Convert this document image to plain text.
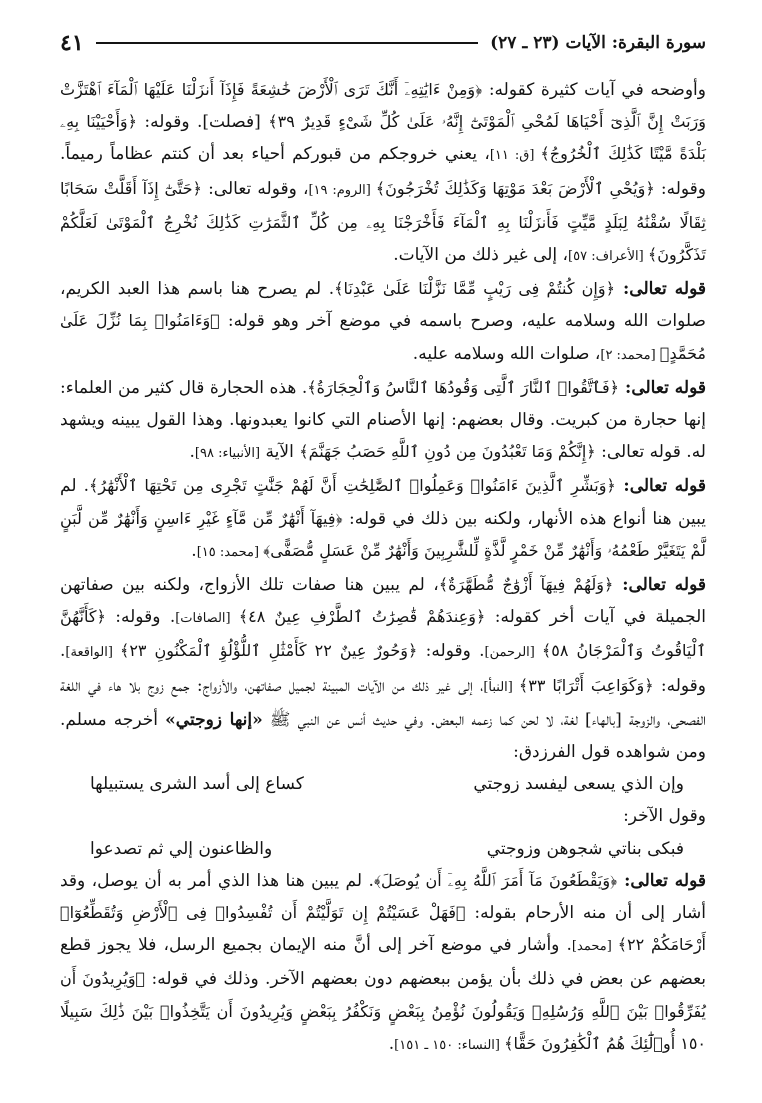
سورة البقرة: الآيات (٢٣ ـ ٢٧)
٤١

وأوضحه في آيات كثيرة كقوله: ﴿وَمِنْ ءَايَٰتِهِۦٓ أَنَّكَ تَرَى ٱلْأَرْضَ خَٰشِعَةً فَإِذَآ أَنزَلْنَا عَلَيْهَا ٱلْمَآءَ ٱهْتَزَّتْ وَرَبَتْ إِنَّ ٱلَّذِىٓ أَحْيَاهَا لَمُحْىِ ٱلْمَوْتَىٰٓ إِنَّهُۥ عَلَىٰ كُلِّ شَىْءٍ قَدِيرٌ ٣٩﴾ [فصلت]. وقوله: ﴿وَأَحْيَيْنَا بِهِۦ بَلْدَةً مَّيْتًا كَذَٰلِكَ ٱلْخُرُوجُ﴾ [ق: ١١]، يعني خروجكم من قبوركم أحياء بعد أن كنتم عظاماً رميماً. وقوله: ﴿وَيُحْىِ ٱلْأَرْضَ بَعْدَ مَوْتِهَا وَكَذَٰلِكَ تُخْرَجُونَ﴾ [الروم: ١٩]، وقوله تعالى: ﴿حَتَّىٰٓ إِذَآ أَقَلَّتْ سَحَابًا ثِقَالًا سُقْنَٰهُ لِبَلَدٍ مَّيِّتٍ فَأَنزَلْنَا بِهِ ٱلْمَآءَ فَأَخْرَجْنَا بِهِۦ مِن كُلِّ ٱلثَّمَرَٰتِ كَذَٰلِكَ نُخْرِجُ ٱلْمَوْتَىٰ لَعَلَّكُمْ تَذَكَّرُونَ﴾ [الأعراف: ٥٧]، إلى غير ذلك من الآيات.

قوله تعالى: ﴿وَإِن كُنتُمْ فِى رَيْبٍ مِّمَّا نَزَّلْنَا عَلَىٰ عَبْدِنَا﴾. لم يصرح هنا باسم هذا العبد الكريم، صلوات الله وسلامه عليه، وصرح باسمه في موضع آخر وهو قوله: ﴿وَءَامَنُوا۟ بِمَا نُزِّلَ عَلَىٰ مُحَمَّدٍ﴾ [محمد: ٢]، صلوات الله وسلامه عليه.

قوله تعالى: ﴿فَٱتَّقُوا۟ ٱلنَّارَ ٱلَّتِى وَقُودُهَا ٱلنَّاسُ وَٱلْحِجَارَةُ﴾. هذه الحجارة قال كثير من العلماء: إنها حجارة من كبريت. وقال بعضهم: إنها الأصنام التي كانوا يعبدونها. وهذا القول يبينه ويشهد له. قوله تعالى: ﴿إِنَّكُمْ وَمَا تَعْبُدُونَ مِن دُونِ ٱللَّهِ حَصَبُ جَهَنَّمَ﴾ الآية [الأنبياء: ٩٨].

قوله تعالى: ﴿وَبَشِّرِ ٱلَّذِينَ ءَامَنُوا۟ وَعَمِلُوا۟ ٱلصَّٰلِحَٰتِ أَنَّ لَهُمْ جَنَّٰتٍ تَجْرِى مِن تَحْتِهَا ٱلْأَنْهَٰرُ﴾. لم يبين هنا أنواع هذه الأنهار، ولكنه بين ذلك في قوله: ﴿فِيهَآ أَنْهَٰرٌ مِّن مَّآءٍ غَيْرِ ءَاسِنٍ وَأَنْهَٰرٌ مِّن لَّبَنٍ لَّمْ يَتَغَيَّرْ طَعْمُهُۥ وَأَنْهَٰرٌ مِّنْ خَمْرٍ لَّذَّةٍ لِّلشَّٰرِبِينَ وَأَنْهَٰرٌ مِّنْ عَسَلٍ مُّصَفًّى﴾ [محمد: ١٥].

قوله تعالى: ﴿وَلَهُمْ فِيهَآ أَزْوَٰجٌ مُّطَهَّرَةٌ﴾، لم يبين هنا صفات تلك الأزواج، ولكنه بين صفاتهن الجميلة في آيات أخر كقوله: ﴿وَعِندَهُمْ قَٰصِرَٰتُ ٱلطَّرْفِ عِينٌ ٤٨﴾ [الصافات]. وقوله: ﴿كَأَنَّهُنَّ ٱلْيَاقُوتُ وَٱلْمَرْجَانُ ٥٨﴾ [الرحمن]. وقوله: ﴿وَحُورٌ عِينٌ ٢٢ كَأَمْثَٰلِ ٱللُّؤْلُؤِ ٱلْمَكْنُونِ ٢٣﴾ [الواقعة]. وقوله: ﴿وَكَوَاعِبَ أَتْرَابًا ٣٣﴾ [النبأ]، إلى غير ذلك من الآيات المبينة لجميل صفاتهن، والأزواج: جمع زوج بلا هاء في اللغة الفصحى، والزوجة [بالهاء] لغة، لا لحن كما زعمه البعض. وفي حديث أنس عن النبي ﷺ «إنها زوجتي» أخرجه مسلم. ومن شواهده قول الفرزدق:

وإن الذي يسعى ليفسد زوجتي
كساع إلى أسد الشرى يستبيلها

وقول الآخر:

فبكى بناتي شجوهن وزوجتي
والظاعنون إلي ثم تصدعوا

قوله تعالى: ﴿وَيَقْطَعُونَ مَآ أَمَرَ ٱللَّهُ بِهِۦٓ أَن يُوصَلَ﴾. لم يبين هنا هذا الذي أمر به أن يوصل، وقد أشار إلى أن منه الأرحام بقوله: ﴿فَهَلْ عَسَيْتُمْ إِن تَوَلَّيْتُمْ أَن تُفْسِدُوا۟ فِى ٱلْأَرْضِ وَتُقَطِّعُوٓا۟ أَرْحَامَكُمْ ٢٢﴾ [محمد]. وأشار في موضع آخر إلى أنَّ منه الإيمان بجميع الرسل، فلا يجوز قطع بعضهم عن بعض في ذلك بأن يؤمن ببعضهم دون بعضهم الآخر. وذلك في قوله: ﴿وَيُرِيدُونَ أَن يُفَرِّقُوا۟ بَيْنَ ٱللَّهِ وَرُسُلِهِۦ وَيَقُولُونَ نُؤْمِنُ بِبَعْضٍ وَنَكْفُرُ بِبَعْضٍ وَيُرِيدُونَ أَن يَتَّخِذُوا۟ بَيْنَ ذَٰلِكَ سَبِيلًا ١٥٠ أُو۟لَٰٓئِكَ هُمُ ٱلْكَٰفِرُونَ حَقًّا﴾ [النساء: ١٥٠ ـ ١٥١].
